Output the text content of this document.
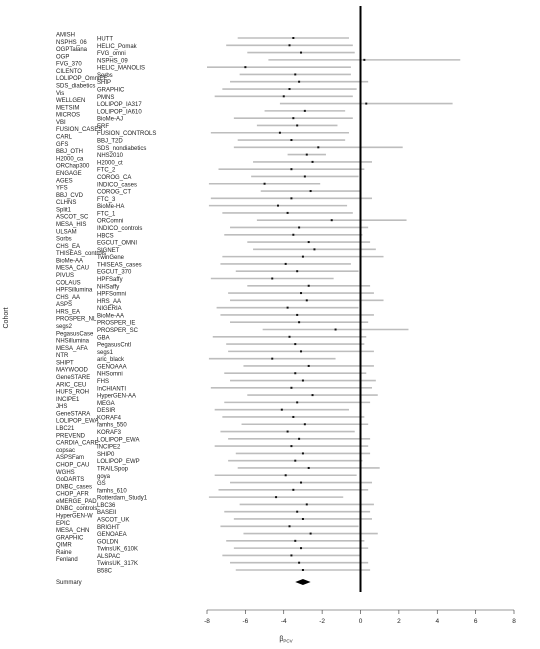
AMISH
HUTT
NSPHS_06
HELIC_Pomak
OGPTalana
FVG_omni
OGP
NSPHS_09
FVG_370
HELIC_MANOLIS
CILENTO
Sorbs
LOLIPOP_OmniEE
SHIP
SDS_diabetics
GRAPHIC
Vis
PMNS
WELLGEN
LOLIPOP_IA317
METSIM
LOLIPOP_IA610
MICROS
BioMe-AJ
VBI
ERF
FUSION_CASES
FUSION_CONTROLS
CARL
BBJ_T2D
GFS
SDS_nondiabetics
BBJ_OTH
NHS2010
H2000_ca
H2000_ct
ORChap300
FTC_2
ENGAGE
COROG_CA
AGES
INDICO_cases
YFS
COROG_CT
BBJ_CVD
FTC_3
CLHNS
BioMe-HA
Split1
FTC_1
ASCOT_SC
ORComni
MESA_HIS
INDICO_controls
ULSAM
HBCS
Sorbs
EGCUT_OMNI
CHS_EA
SIGNET
THISEAS_controls
TwinGene
BioMe-AA
THISEAS_cases
MESA_CAU
EGCUT_370
PIVUS
HPFSaffy
COLAUS
NHSaffy
HPFSillumina
HPFSomni
CHS_AA
HRS_AA
ASPS
NIGERIA
HRS_EA
BioMe-AA
PROSPER_NL
PROSPER_IE
segs2
PROSPER_SC
PegasusCase
GBA
NHSillumina
PegasusCntl
MESA_AFA
segs1
NTR
aric_black
SHIPT
GENOAAA
MAYWOOD
NHSomni
GeneSTARE
FHS
ARIC_CEU
InCHIANTI
HUFS_ROH
HyperGEN-AA
INCIPE1
MEGA
JHS
DESIR
GeneSTARA
KORAF4
LOLIPOP_EWA
famhs_550
LBC21
KORAF3
PREVEND
LOLIPOP_EWA
CARDIA_CARE
INCIPE2
copsac
SHIP0
ASPSFam
LOLIPOP_EWP
CHOP_CAU
TRAILSpop
WGHS
goya
GoDARTS
GS
DNBC_cases
famhs_610
CHOP_AFR
Rotterdam_Study1
eMERGE_PAD
LBC36
DNBC_controls
BASEII
HyperGEN-W
ASCOT_UK
EPIC
BRIGHT
MESA_CHN
GENOAEA
GRAPHIC
GOLDN
QIMR
TwinsUK_610K
Raine
ALSPAC
Fenland
TwinsUK_317K
B58C
Summary
-8	-6	-4	-2	0	2	4	6	8
Cohort
$\beta_{PCV}$
